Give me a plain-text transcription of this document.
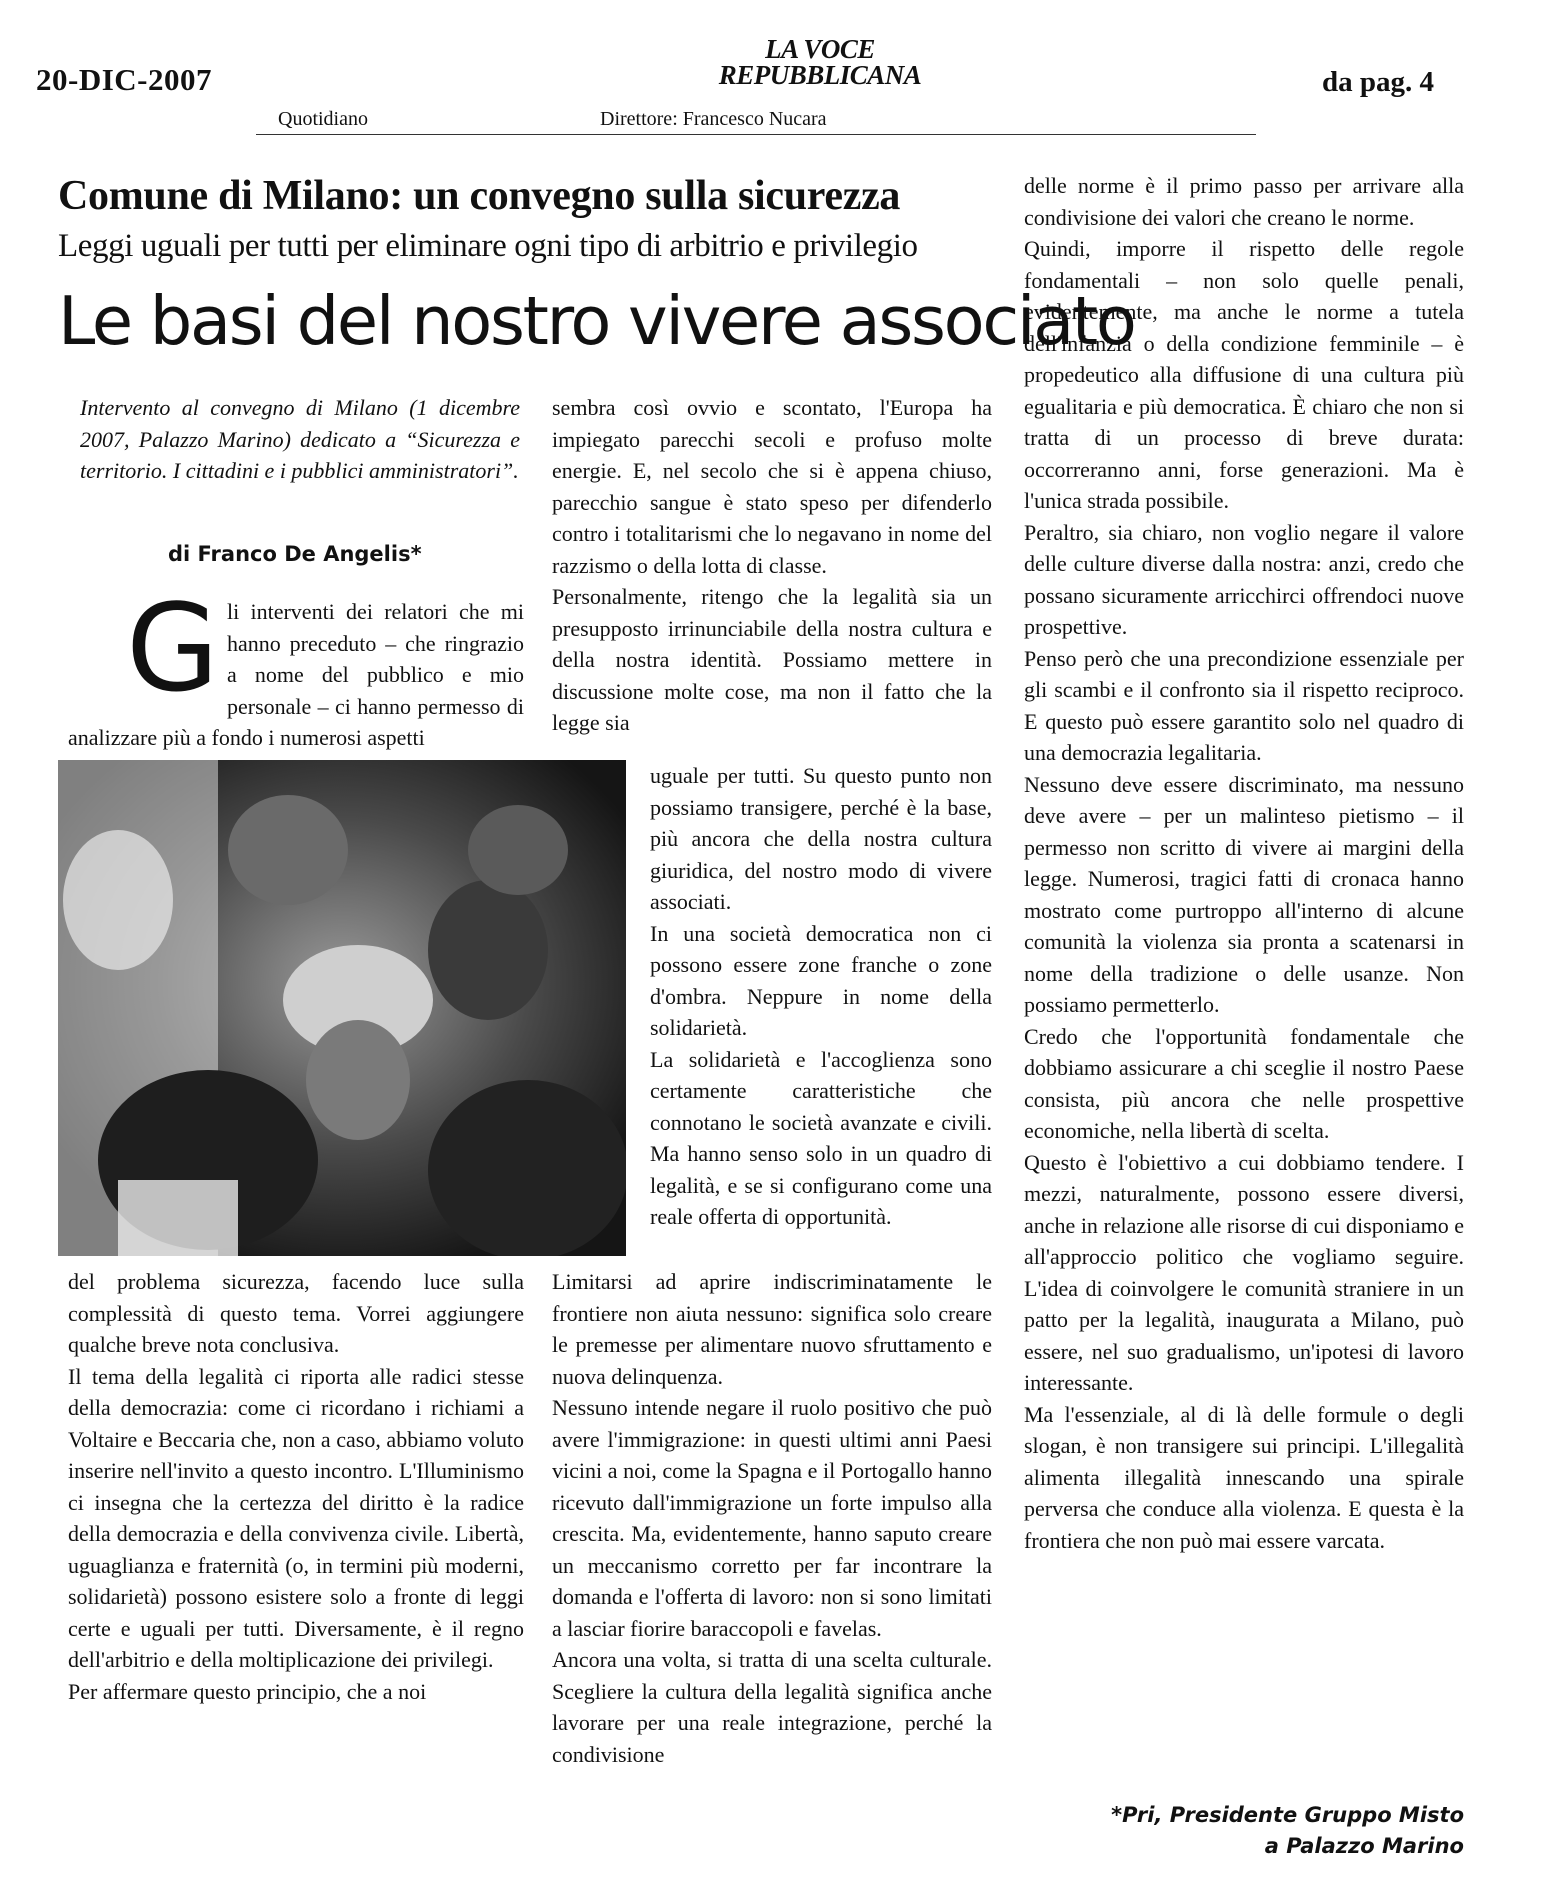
20-DIC-2007
LA VOCE
REPUBBLICANA	da pag. 4
Quotidiano	Direttore: Francesco Nucara
Comune di Milano: un convegno sulla sicurezza
Leggi uguali per tutti per eliminare ogni tipo di arbitrio e privilegio
Le basi del nostro vivere associato

Intervento al convegno di Milano (1 dicembre 2007, Palazzo Marino) dedicato a “Sicurezza e territorio. I cittadini e i pubblici amministratori”.

di Franco De Angelis*
G li interventi dei relatori che mi hanno preceduto – che ringrazio a nome del pubblico e mio personale – ci hanno permesso di analizzare più a fondo i numerosi aspetti

del problema sicurezza, facendo luce sulla complessità di questo tema. Vorrei aggiungere qualche breve nota conclusiva.

Il tema della legalità ci riporta alle radici stesse della democrazia: come ci ricordano i richiami a Voltaire e Beccaria che, non a caso, abbiamo voluto inserire nell'invito a questo incontro. L'Illuminismo ci insegna che la certezza del diritto è la radice della democrazia e della convivenza civile. Libertà, uguaglianza e fraternità (o, in termini più moderni, solidarietà) possono esistere solo a fronte di leggi certe e uguali per tutti. Diversamente, è il regno dell'arbitrio e della moltiplicazione dei privilegi.

Per affermare questo principio, che a noi

sembra così ovvio e scontato, l'Europa ha impiegato parecchi secoli e profuso molte energie. E, nel secolo che si è appena chiuso, parecchio sangue è stato speso per difenderlo contro i totalitarismi che lo negavano in nome del razzismo o della lotta di classe.

Personalmente, ritengo che la legalità sia un presupposto irrinunciabile della nostra cultura e della nostra identità. Possiamo mettere in discussione molte cose, ma non il fatto che la legge sia

uguale per tutti. Su questo punto non possiamo transigere, perché è la base, più ancora che della nostra cultura giuridica, del nostro modo di vivere associati.

In una società democratica non ci possono essere zone franche o zone d'ombra. Neppure in nome della solidarietà.

La solidarietà e l'accoglienza sono certamente caratteristiche che connotano le società avanzate e civili. Ma hanno senso solo in un quadro di legalità, e se si configurano come una reale offerta di opportunità.

Limitarsi ad aprire indiscriminatamente le frontiere non aiuta nessuno: significa solo creare le premesse per alimentare nuovo sfruttamento e nuova delinquenza.

Nessuno intende negare il ruolo positivo che può avere l'immigrazione: in questi ultimi anni Paesi vicini a noi, come la Spagna e il Portogallo hanno ricevuto dall'immigrazione un forte impulso alla crescita. Ma, evidentemente, hanno saputo creare un meccanismo corretto per far incontrare la domanda e l'offerta di lavoro: non si sono limitati a lasciar fiorire baraccopoli e favelas.

Ancora una volta, si tratta di una scelta culturale. Scegliere la cultura della legalità significa anche lavorare per una reale integrazione, perché la condivisione

delle norme è il primo passo per arrivare alla condivisione dei valori che creano le norme.

Quindi, imporre il rispetto delle regole fondamentali – non solo quelle penali, evidentemente, ma anche le norme a tutela dell'infanzia o della condizione femminile – è propedeutico alla diffusione di una cultura più egualitaria e più democratica. È chiaro che non si tratta di un processo di breve durata: occorreranno anni, forse generazioni. Ma è l'unica strada possibile.

Peraltro, sia chiaro, non voglio negare il valore delle culture diverse dalla nostra: anzi, credo che possano sicuramente arricchirci offrendoci nuove prospettive.

Penso però che una precondizione essenziale per gli scambi e il confronto sia il rispetto reciproco. E questo può essere garantito solo nel quadro di una democrazia legalitaria.

Nessuno deve essere discriminato, ma nessuno deve avere – per un malinteso pietismo – il permesso non scritto di vivere ai margini della legge. Numerosi, tragici fatti di cronaca hanno mostrato come purtroppo all'interno di alcune comunità la violenza sia pronta a scatenarsi in nome della tradizione o delle usanze. Non possiamo permetterlo.

Credo che l'opportunità fondamentale che dobbiamo assicurare a chi sceglie il nostro Paese consista, più ancora che nelle prospettive economiche, nella libertà di scelta.

Questo è l'obiettivo a cui dobbiamo tendere. I mezzi, naturalmente, possono essere diversi, anche in relazione alle risorse di cui disponiamo e all'approccio politico che vogliamo seguire. L'idea di coinvolgere le comunità straniere in un patto per la legalità, inaugurata a Milano, può essere, nel suo gradualismo, un'ipotesi di lavoro interessante.

Ma l'essenziale, al di là delle formule o degli slogan, è non transigere sui principi. L'illegalità alimenta illegalità innescando una spirale perversa che conduce alla violenza. E questa è la frontiera che non può mai essere varcata.

*Pri, Presidente Gruppo Misto
a Palazzo Marino
